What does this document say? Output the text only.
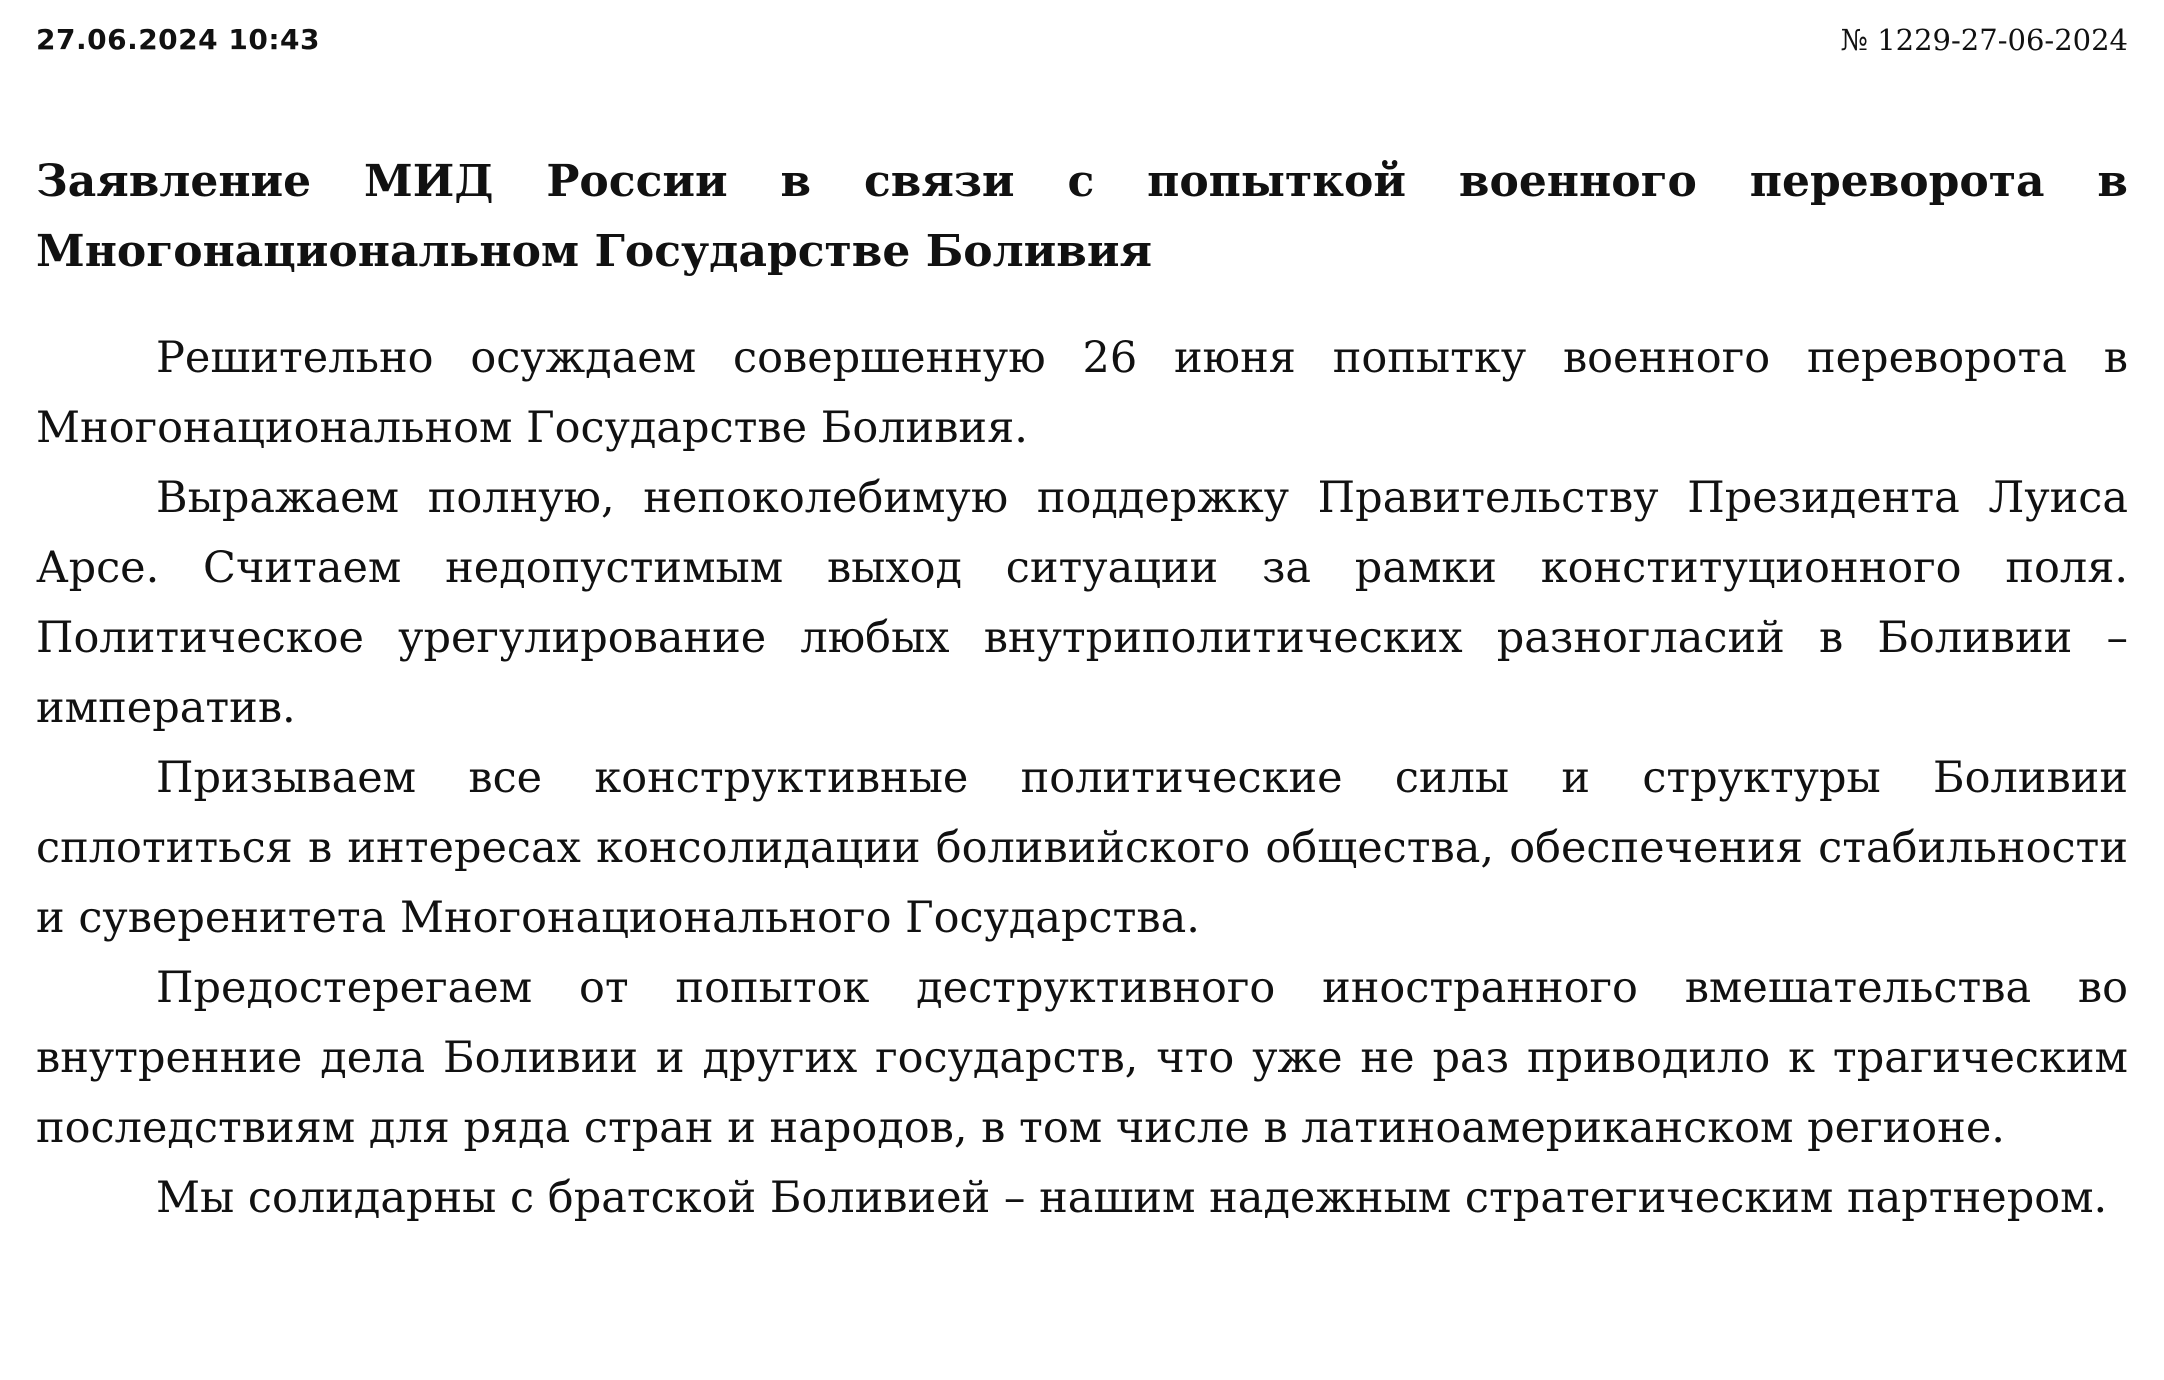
27.06.2024 10:43	№ 1229-27-06-2024
Заявление МИД России в связи с попыткой военного переворота в Многонациональном Государстве Боливия

Решительно осуждаем совершенную 26 июня попытку военного переворота в Многонациональном Государстве Боливия.

Выражаем полную, непоколебимую поддержку Правительству Президента Луиса Арсе. Считаем недопустимым выход ситуации за рамки конституционного поля. Политическое урегулирование любых внутриполитических разногласий в Боливии – императив.

Призываем все конструктивные политические силы и структуры Боливии сплотиться в интересах консолидации боливийского общества, обеспечения стабильности и суверенитета Многонационального Государства.

Предостерегаем от попыток деструктивного иностранного вмешательства во внутренние дела Боливии и других государств, что уже не раз приводило к трагическим последствиям для ряда стран и народов, в том числе в латиноамериканском регионе.

Мы солидарны с братской Боливией – нашим надежным стратегическим партнером.
